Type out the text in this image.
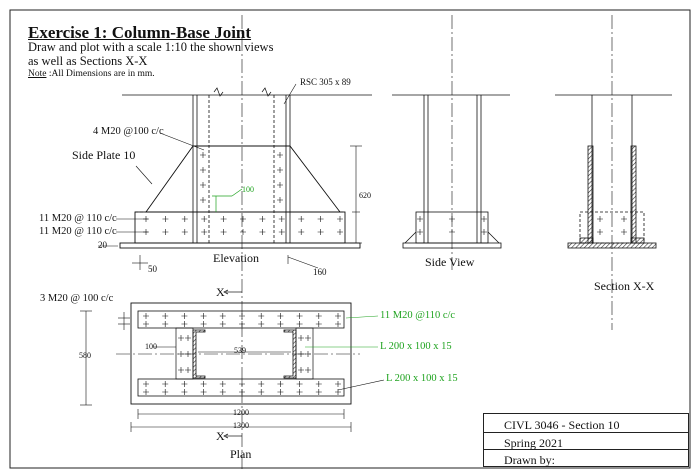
Exercise 1: Column-Base Joint
Draw and plot with a scale 1:10 the shown views
as well as Sections X-X
Note :All Dimensions are in mm.
RSC 305 x 89
4 M20 @100 c/c
Side Plate 10
11 M20 @ 110 c/c
11 M20 @ 110 c/c
20
50	160
100
620
Elevation	Side View
Section X-X
3 M20 @ 100 c/c
11 M20 @110 c/c
L 200 x 100 x 15
L 200 x 100 x 15
580
100	539
1200
1300
X
X
Plan
CIVL 3046 - Section 10
Spring 2021
Drawn by:
